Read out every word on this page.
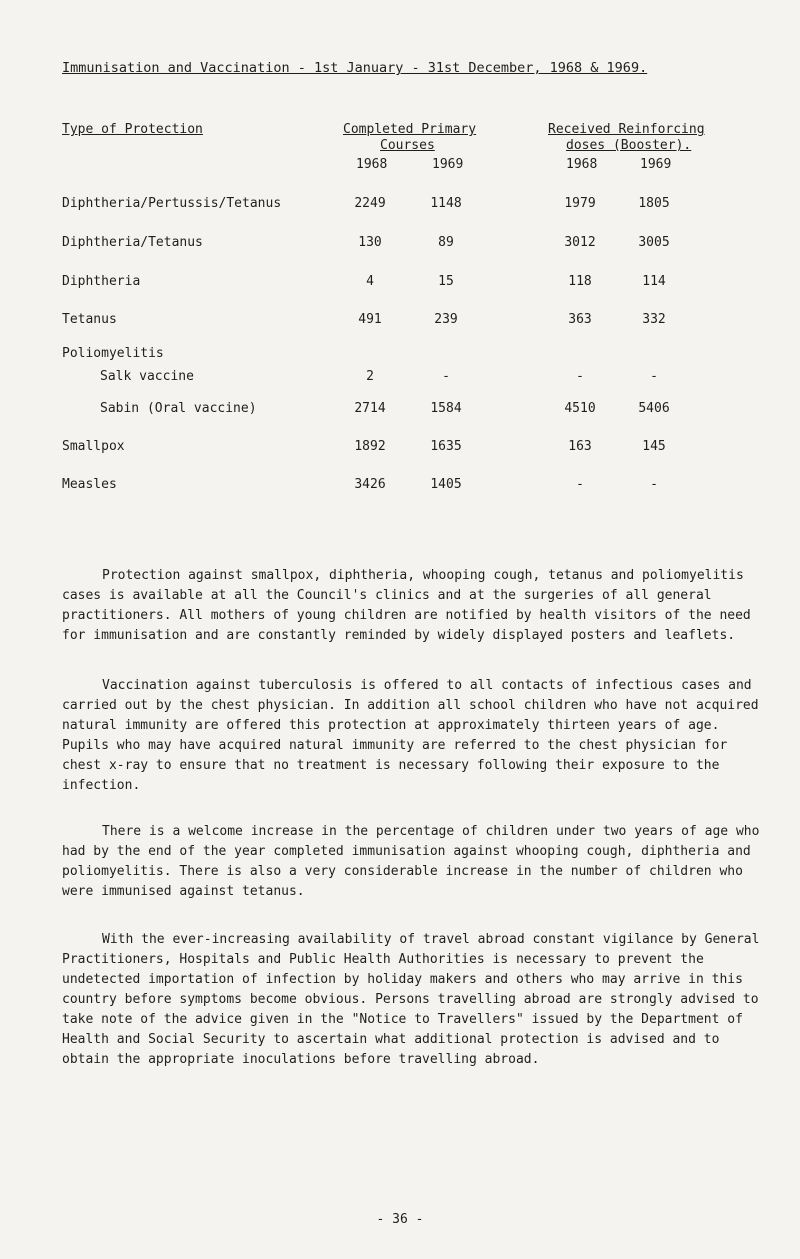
Immunisation and Vaccination - 1st January - 31st December, 1968 & 1969.
Type of Protection	Completed Primary
Courses
Received Reinforcing
doses (Booster).
1968	1969	1968	1969
Diphtheria/Pertussis/Tetanus	2249	1148	1979	1805
Diphtheria/Tetanus	130	89	3012	3005
Diphtheria	4	15	118	114
Tetanus	491	239	363	332
Poliomyelitis
Salk vaccine	2	-	-	-
Sabin (Oral vaccine)	2714	1584	4510	5406
Smallpox	1892	1635	163	145
Measles	3426	1405	-	-

Protection against smallpox, diphtheria, whooping cough, tetanus and poliomyelitis cases is available at all the Council's clinics and at the surgeries of all general practitioners. All mothers of young children are notified by health visitors of the need for immunisation and are constantly reminded by widely displayed posters and leaflets.

Vaccination against tuberculosis is offered to all contacts of infectious cases and carried out by the chest physician. In addition all school children who have not acquired natural immunity are offered this protection at approximately thirteen years of age. Pupils who may have acquired natural immunity are referred to the chest physician for chest x-ray to ensure that no treatment is necessary following their exposure to the infection.

There is a welcome increase in the percentage of children under two years of age who had by the end of the year completed immunisation against whooping cough, diphtheria and poliomyelitis. There is also a very considerable increase in the number of children who were immunised against tetanus.

With the ever-increasing availability of travel abroad constant vigilance by General Practitioners, Hospitals and Public Health Authorities is necessary to prevent the undetected importation of infection by holiday makers and others who may arrive in this country before symptoms become obvious. Persons travelling abroad are strongly advised to take note of the advice given in the "Notice to Travellers" issued by the Department of Health and Social Security to ascertain what additional protection is advised and to obtain the appropriate inoculations before travelling abroad.

- 36 -
